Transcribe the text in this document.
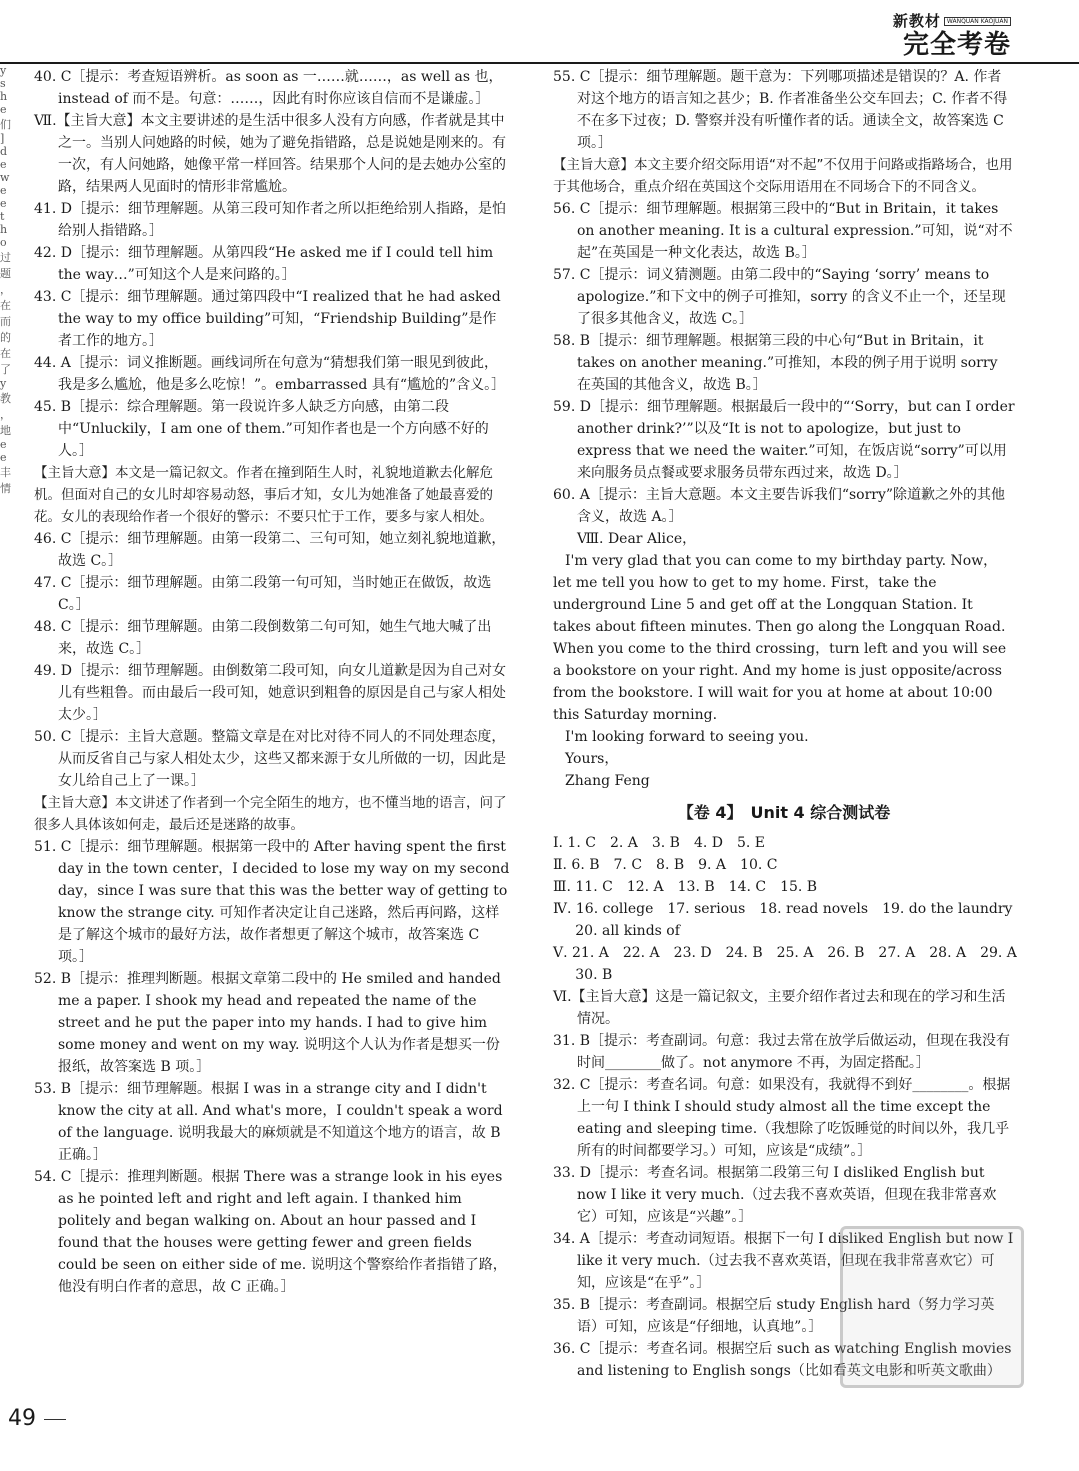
新教材 WANQUAN KAOJUAN
完全考卷
y s h e 们 ] d e w e e t h o 过 题 ， 在 而 的 在 了 y 教 ， 地 e e 丰 情

40. C［提示：考查短语辨析。as soon as 一……就……，as well as 也，instead of 而不是。句意：……，因此有时你应该自信而不是谦虚。］

Ⅶ.【主旨大意】本文主要讲述的是生活中很多人没有方向感，作者就是其中之一。当别人问她路的时候，她为了避免指错路，总是说她是刚来的。有一次，有人问她路，她像平常一样回答。结果那个人问的是去她办公室的路，结果两人见面时的情形非常尴尬。

41. D［提示：细节理解题。从第三段可知作者之所以拒绝给别人指路，是怕给别人指错路。］

42. D［提示：细节理解题。从第四段“He asked me if I could tell him the way…”可知这个人是来问路的。］

43. C［提示：细节理解题。通过第四段中“I realized that he had asked the way to my office building”可知，“Friendship Building”是作者工作的地方。］

44. A［提示：词义推断题。画线词所在句意为“猜想我们第一眼见到彼此，我是多么尴尬，他是多么吃惊！”。embarrassed 具有“尴尬的”含义。］

45. B［提示：综合理解题。第一段说许多人缺乏方向感，由第二段中“Unluckily，I am one of them.”可知作者也是一个方向感不好的人。］

【主旨大意】本文是一篇记叙文。作者在撞到陌生人时，礼貌地道歉去化解危机。但面对自己的女儿时却容易动怒，事后才知，女儿为她准备了她最喜爱的花。女儿的表现给作者一个很好的警示：不要只忙于工作，要多与家人相处。

46. C［提示：细节理解题。由第一段第二、三句可知，她立刻礼貌地道歉，故选 C。］

47. C［提示：细节理解题。由第二段第一句可知，当时她正在做饭，故选 C。］

48. C［提示：细节理解题。由第二段倒数第二句可知，她生气地大喊了出来，故选 C。］

49. D［提示：细节理解题。由倒数第二段可知，向女儿道歉是因为自己对女儿有些粗鲁。而由最后一段可知，她意识到粗鲁的原因是自己与家人相处太少。］

50. C［提示：主旨大意题。整篇文章是在对比对待不同人的不同处理态度，从而反省自己与家人相处太少，这些又都来源于女儿所做的一切，因此是女儿给自己上了一课。］

【主旨大意】本文讲述了作者到一个完全陌生的地方，也不懂当地的语言，问了很多人具体该如何走，最后还是迷路的故事。

51. C［提示：细节理解题。根据第一段中的 After having spent the first day in the town center，I decided to lose my way on my second day，since I was sure that this was the better way of getting to know the strange city. 可知作者决定让自己迷路，然后再问路，这样是了解这个城市的最好方法，故作者想更了解这个城市，故答案选 C 项。］

52. B［提示：推理判断题。根据文章第二段中的 He smiled and handed me a paper. I shook my head and repeated the name of the street and he put the paper into my hands. I had to give him some money and went on my way. 说明这个人认为作者是想买一份报纸，故答案选 B 项。］

53. B［提示：细节理解题。根据 I was in a strange city and I didn't know the city at all. And what's more，I couldn't speak a word of the language. 说明我最大的麻烦就是不知道这个地方的语言，故 B 正确。］

54. C［提示：推理判断题。根据 There was a strange look in his eyes as he pointed left and right and left again. I thanked him politely and began walking on. About an hour passed and I found that the houses were getting fewer and green fields could be seen on either side of me. 说明这个警察给作者指错了路，他没有明白作者的意思，故 C 正确。］

55. C［提示：细节理解题。题干意为：下列哪项描述是错误的？A. 作者对这个地方的语言知之甚少；B. 作者准备坐公交车回去；C. 作者不得不在多下过夜；D. 警察并没有听懂作者的话。通读全文，故答案选 C 项。］

【主旨大意】本文主要介绍交际用语“对不起”不仅用于问路或指路场合，也用于其他场合，重点介绍在英国这个交际用语用在不同场合下的不同含义。

56. C［提示：细节理解题。根据第三段中的“But in Britain，it takes on another meaning. It is a cultural expression.”可知，说“对不起”在英国是一种文化表达，故选 B。］

57. C［提示：词义猜测题。由第二段中的“Saying ‘sorry’ means to apologize.”和下文中的例子可推知，sorry 的含义不止一个，还呈现了很多其他含义，故选 C。］

58. B［提示：细节理解题。根据第三段的中心句“But in Britain，it takes on another meaning.”可推知，本段的例子用于说明 sorry 在英国的其他含义，故选 B。］

59. D［提示：细节理解题。根据最后一段中的“‘Sorry，but can I order another drink?’”以及“It is not to apologize，but just to express that we need the waiter.”可知，在饭店说“sorry”可以用来向服务员点餐或要求服务员带东西过来，故选 D。］

60. A［提示：主旨大意题。本文主要告诉我们“sorry”除道歉之外的其他含义，故选 A。］

Ⅷ. Dear Alice，

I'm very glad that you can come to my birthday party. Now，let me tell you how to get to my home. First，take the underground Line 5 and get off at the Longquan Station. It takes about fifteen minutes. Then go along the Longquan Road. When you come to the third crossing，turn left and you will see a bookstore on your right. And my home is just opposite/across from the bookstore. I will wait for you at home at about 10:00 this Saturday morning.

I'm looking forward to seeing you.

Yours，

Zhang Feng

【卷 4】　Unit 4 综合测试卷

Ⅰ. 1. C　2. A　3. B　4. D　5. E

Ⅱ. 6. B　7. C　8. B　9. A　10. C

Ⅲ. 11. C　12. A　13. B　14. C　15. B

Ⅳ. 16. college　17. serious　18. read novels　19. do the laundry

20. all kinds of

Ⅴ. 21. A　22. A　23. D　24. B　25. A　26. B　27. A　28. A　29. A

30. B

Ⅵ.【主旨大意】这是一篇记叙文，主要介绍作者过去和现在的学习和生活情况。

31. B［提示：考查副词。句意：我过去常在放学后做运动，但现在我没有时间________做了。not anymore 不再，为固定搭配。］

32. C［提示：考查名词。句意：如果没有，我就得不到好________。根据上一句 I think I should study almost all the time except the eating and sleeping time.（我想除了吃饭睡觉的时间以外，我几乎所有的时间都要学习。）可知，应该是“成绩”。］

33. D［提示：考查名词。根据第二段第三句 I disliked English but now I like it very much.（过去我不喜欢英语，但现在我非常喜欢它）可知，应该是“兴趣”。］

34. A［提示：考查动词短语。根据下一句 I disliked English but now I like it very much.（过去我不喜欢英语，但现在我非常喜欢它）可知，应该是“在乎”。］

35. B［提示：考查副词。根据空后 study English hard（努力学习英语）可知，应该是“仔细地，认真地”。］

36. C［提示：考查名词。根据空后 such as watching English movies and listening to English songs（比如看英文电影和听英文歌曲）

49
